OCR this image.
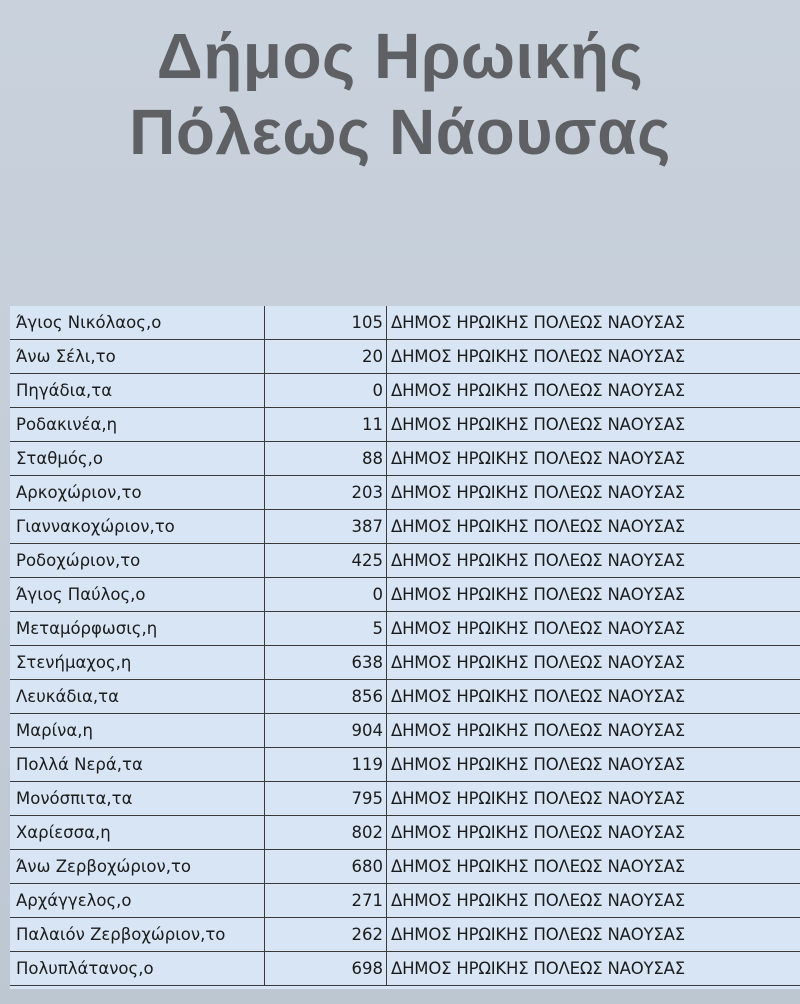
Δήμος Ηρωικής
Πόλεως Νάουσας
Άγιος Νικόλαος,ο	105	ΔΗΜΟΣ ΗΡΩΙΚΗΣ ΠΟΛΕΩΣ ΝΑΟΥΣΑΣ
Άνω Σέλι,το	20	ΔΗΜΟΣ ΗΡΩΙΚΗΣ ΠΟΛΕΩΣ ΝΑΟΥΣΑΣ
Πηγάδια,τα	0	ΔΗΜΟΣ ΗΡΩΙΚΗΣ ΠΟΛΕΩΣ ΝΑΟΥΣΑΣ
Ροδακινέα,η	11	ΔΗΜΟΣ ΗΡΩΙΚΗΣ ΠΟΛΕΩΣ ΝΑΟΥΣΑΣ
Σταθμός,ο	88	ΔΗΜΟΣ ΗΡΩΙΚΗΣ ΠΟΛΕΩΣ ΝΑΟΥΣΑΣ
Αρκοχώριον,το	203	ΔΗΜΟΣ ΗΡΩΙΚΗΣ ΠΟΛΕΩΣ ΝΑΟΥΣΑΣ
Γιαννακοχώριον,το	387	ΔΗΜΟΣ ΗΡΩΙΚΗΣ ΠΟΛΕΩΣ ΝΑΟΥΣΑΣ
Ροδοχώριον,το	425	ΔΗΜΟΣ ΗΡΩΙΚΗΣ ΠΟΛΕΩΣ ΝΑΟΥΣΑΣ
Άγιος Παύλος,ο	0	ΔΗΜΟΣ ΗΡΩΙΚΗΣ ΠΟΛΕΩΣ ΝΑΟΥΣΑΣ
Μεταμόρφωσις,η	5	ΔΗΜΟΣ ΗΡΩΙΚΗΣ ΠΟΛΕΩΣ ΝΑΟΥΣΑΣ
Στενήμαχος,η	638	ΔΗΜΟΣ ΗΡΩΙΚΗΣ ΠΟΛΕΩΣ ΝΑΟΥΣΑΣ
Λευκάδια,τα	856	ΔΗΜΟΣ ΗΡΩΙΚΗΣ ΠΟΛΕΩΣ ΝΑΟΥΣΑΣ
Μαρίνα,η	904	ΔΗΜΟΣ ΗΡΩΙΚΗΣ ΠΟΛΕΩΣ ΝΑΟΥΣΑΣ
Πολλά Νερά,τα	119	ΔΗΜΟΣ ΗΡΩΙΚΗΣ ΠΟΛΕΩΣ ΝΑΟΥΣΑΣ
Μονόσπιτα,τα	795	ΔΗΜΟΣ ΗΡΩΙΚΗΣ ΠΟΛΕΩΣ ΝΑΟΥΣΑΣ
Χαρίεσσα,η	802	ΔΗΜΟΣ ΗΡΩΙΚΗΣ ΠΟΛΕΩΣ ΝΑΟΥΣΑΣ
Άνω Ζερβοχώριον,το	680	ΔΗΜΟΣ ΗΡΩΙΚΗΣ ΠΟΛΕΩΣ ΝΑΟΥΣΑΣ
Αρχάγγελος,ο	271	ΔΗΜΟΣ ΗΡΩΙΚΗΣ ΠΟΛΕΩΣ ΝΑΟΥΣΑΣ
Παλαιόν Ζερβοχώριον,το	262	ΔΗΜΟΣ ΗΡΩΙΚΗΣ ΠΟΛΕΩΣ ΝΑΟΥΣΑΣ
Πολυπλάτανος,ο	698	ΔΗΜΟΣ ΗΡΩΙΚΗΣ ΠΟΛΕΩΣ ΝΑΟΥΣΑΣ
